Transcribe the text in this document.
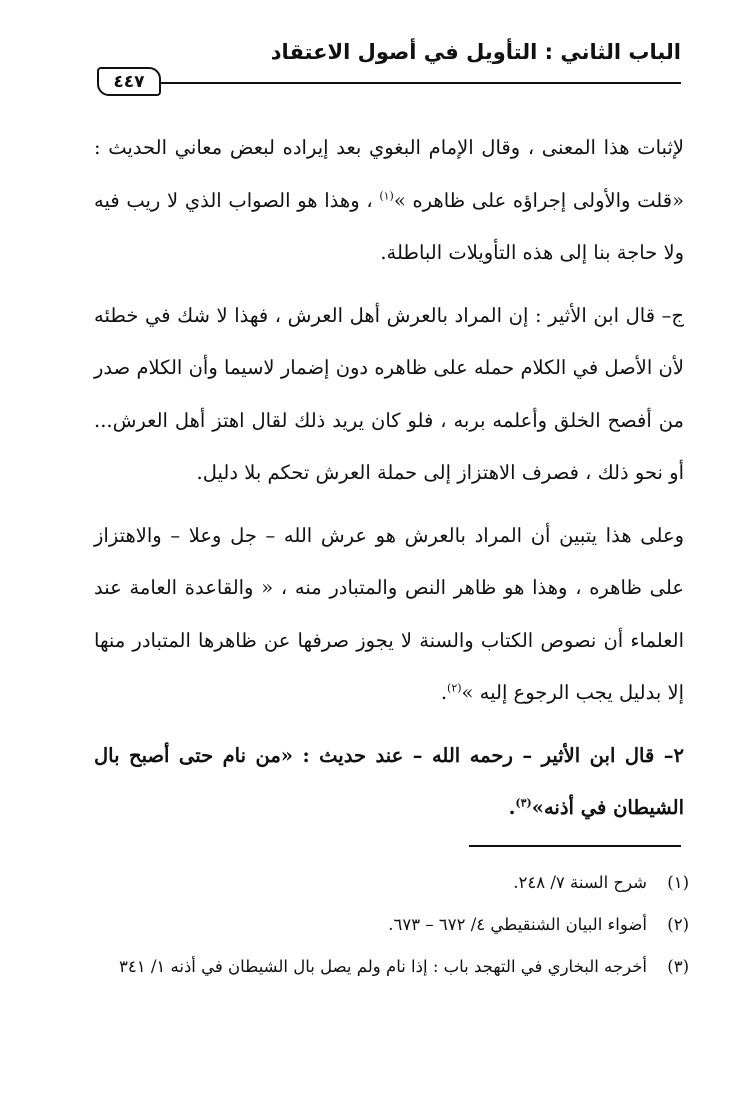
الباب الثاني : التأويل في أصول الاعتقاد
٤٤٧

لإثبات هذا المعنى ، وقال الإمام البغوي بعد إيراده لبعض معاني الحديث : «قلت والأولى إجراؤه على ظاهره »$^{(١)}$ ، وهذا هو الصواب الذي لا ريب فيه ولا حاجة بنا إلى هذه التأويلات الباطلة.

ج– قال ابن الأثير : إن المراد بالعرش أهل العرش ، فهذا لا شك في خطئه لأن الأصل في الكلام حمله على ظاهره دون إضمار لاسيما وأن الكلام صدر من أفصح الخلق وأعلمه بربه ، فلو كان يريد ذلك لقال اهتز أهل العرش... أو نحو ذلك ، فصرف الاهتزاز إلى حملة العرش تحكم بلا دليل.

وعلى هذا يتبين أن المراد بالعرش هو عرش الله – جل وعلا – والاهتزاز على ظاهره ، وهذا هو ظاهر النص والمتبادر منه ، « والقاعدة العامة عند العلماء أن نصوص الكتاب والسنة لا يجوز صرفها عن ظاهرها المتبادر منها إلا بدليل يجب الرجوع إليه »$^{(٢)}$.

٢– قال ابن الأثير – رحمه الله – عند حديث : «من نام حتى أصبح بال الشيطان في أذنه»$^{(٣)}$.

(١)
شرح السنة ٧/ ٢٤٨.
(٢)
أضواء البيان الشنقيطي ٤/ ٦٧٢ – ٦٧٣.
(٣)
أخرجه البخاري في التهجد باب : إذا نام ولم يصل بال الشيطان في أذنه ١/ ٣٤١
